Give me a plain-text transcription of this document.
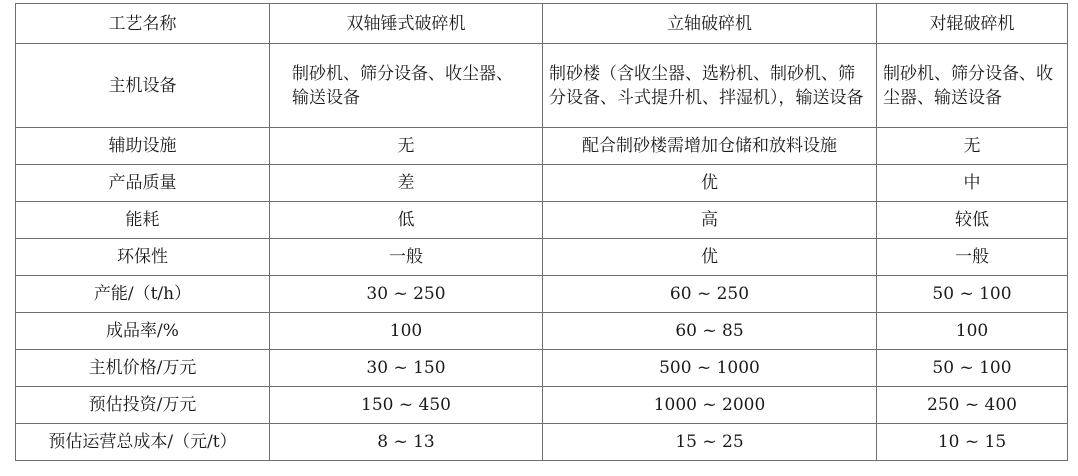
工艺名称	双轴锤式破碎机	立轴破碎机	对辊破碎机
主机设备	制砂机、筛分设备、收尘器、输送设备	制砂楼（含收尘器、选粉机、制砂机、筛分设备、斗式提升机、拌湿机），输送设备	制砂机、筛分设备、收尘器、输送设备
辅助设施	无	配合制砂楼需增加仓储和放料设施	无
产品质量	差	优	中
能耗	低	高	较低
环保性	一般	优	一般
产能/（t/h）	30 ~ 250	60 ~ 250	50 ~ 100
成品率/%	100	60 ~ 85	100
主机价格/万元	30 ~ 150	500 ~ 1000	50 ~ 100
预估投资/万元	150 ~ 450	1000 ~ 2000	250 ~ 400
预估运营总成本/（元/t）	8 ~ 13	15 ~ 25	10 ~ 15
